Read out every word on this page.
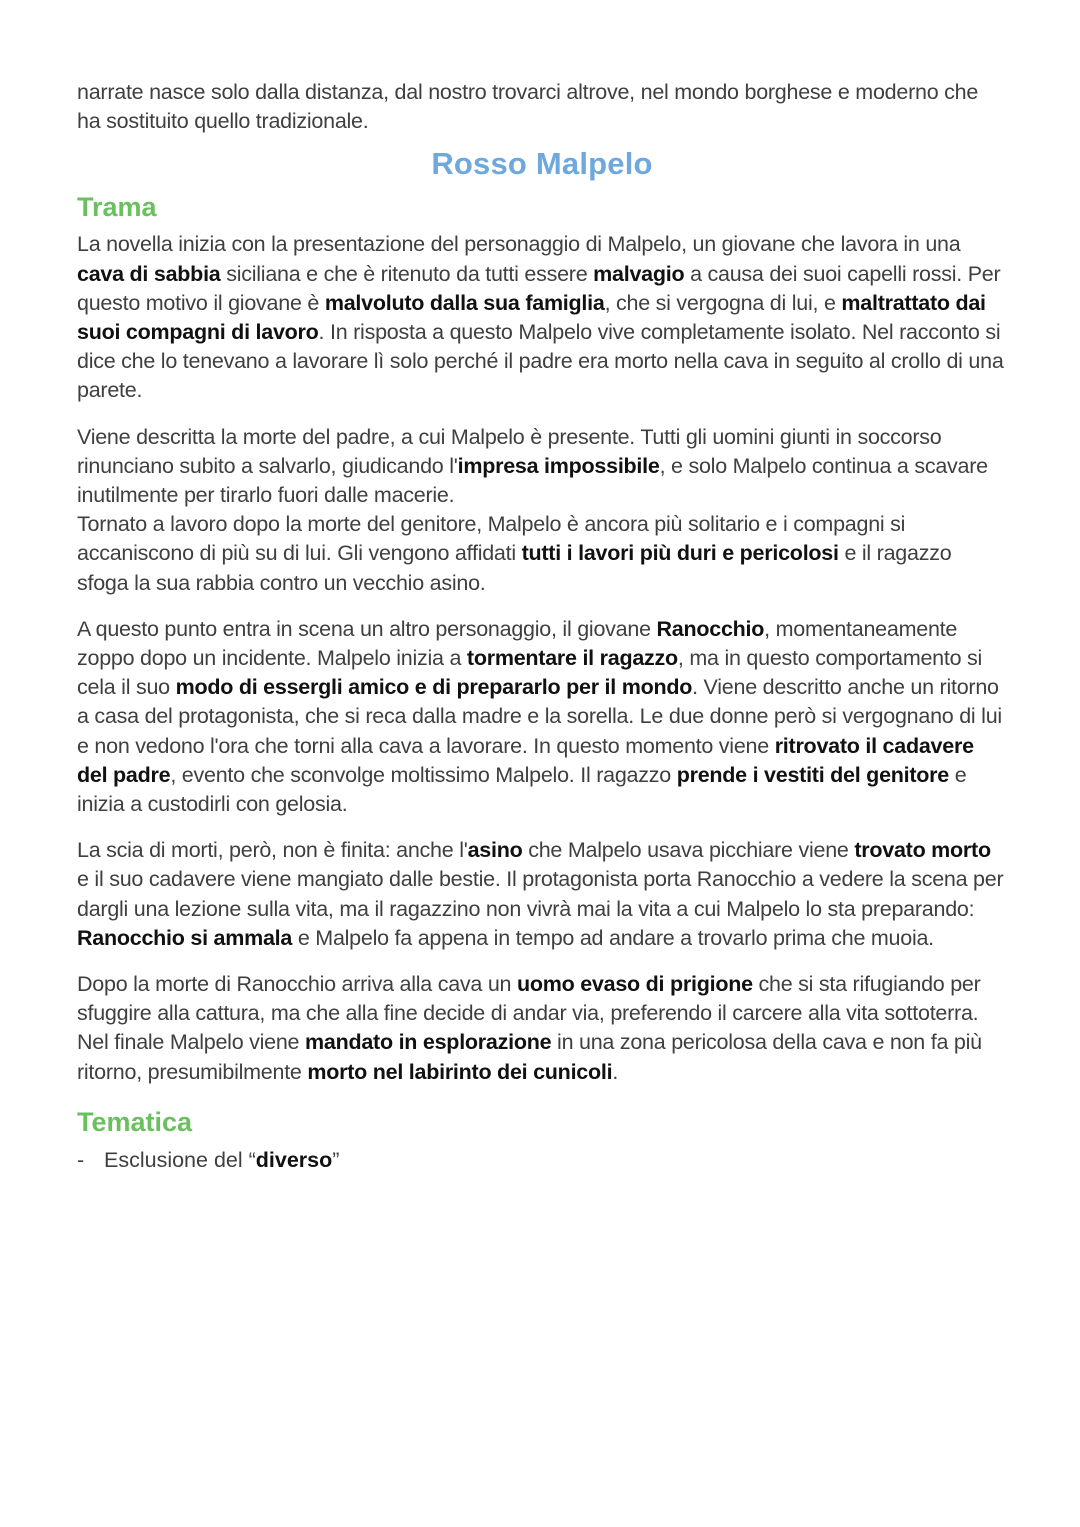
narrate nasce solo dalla distanza, dal nostro trovarci altrove, nel mondo borghese e moderno che ha sostituito quello tradizionale.

Rosso Malpelo
Trama
La novella inizia con la presentazione del personaggio di Malpelo, un giovane che lavora in una cava di sabbia siciliana e che è ritenuto da tutti essere malvagio a causa dei suoi capelli rossi. Per questo motivo il giovane è malvoluto dalla sua famiglia, che si vergogna di lui, e maltrattato dai suoi compagni di lavoro. In risposta a questo Malpelo vive completamente isolato. Nel racconto si dice che lo tenevano a lavorare lì solo perché il padre era morto nella cava in seguito al crollo di una parete.
Viene descritta la morte del padre, a cui Malpelo è presente. Tutti gli uomini giunti in soccorso rinunciano subito a salvarlo, giudicando l'impresa impossibile, e solo Malpelo continua a scavare inutilmente per tirarlo fuori dalle macerie.
Tornato a lavoro dopo la morte del genitore, Malpelo è ancora più solitario e i compagni si accaniscono di più su di lui. Gli vengono affidati tutti i lavori più duri e pericolosi e il ragazzo sfoga la sua rabbia contro un vecchio asino.
A questo punto entra in scena un altro personaggio, il giovane Ranocchio, momentaneamente zoppo dopo un incidente. Malpelo inizia a tormentare il ragazzo, ma in questo comportamento si cela il suo modo di essergli amico e di prepararlo per il mondo. Viene descritto anche un ritorno a casa del protagonista, che si reca dalla madre e la sorella. Le due donne però si vergognano di lui e non vedono l'ora che torni alla cava a lavorare. In questo momento viene ritrovato il cadavere del padre, evento che sconvolge moltissimo Malpelo. Il ragazzo prende i vestiti del genitore e inizia a custodirli con gelosia.
La scia di morti, però, non è finita: anche l'asino che Malpelo usava picchiare viene trovato morto e il suo cadavere viene mangiato dalle bestie. Il protagonista porta Ranocchio a vedere la scena per dargli una lezione sulla vita, ma il ragazzino non vivrà mai la vita a cui Malpelo lo sta preparando: Ranocchio si ammala e Malpelo fa appena in tempo ad andare a trovarlo prima che muoia.
Dopo la morte di Ranocchio arriva alla cava un uomo evaso di prigione che si sta rifugiando per sfuggire alla cattura, ma che alla fine decide di andar via, preferendo il carcere alla vita sottoterra. Nel finale Malpelo viene mandato in esplorazione in una zona pericolosa della cava e non fa più ritorno, presumibilmente morto nel labirinto dei cunicoli.
Tematica
- Esclusione del “diverso”
